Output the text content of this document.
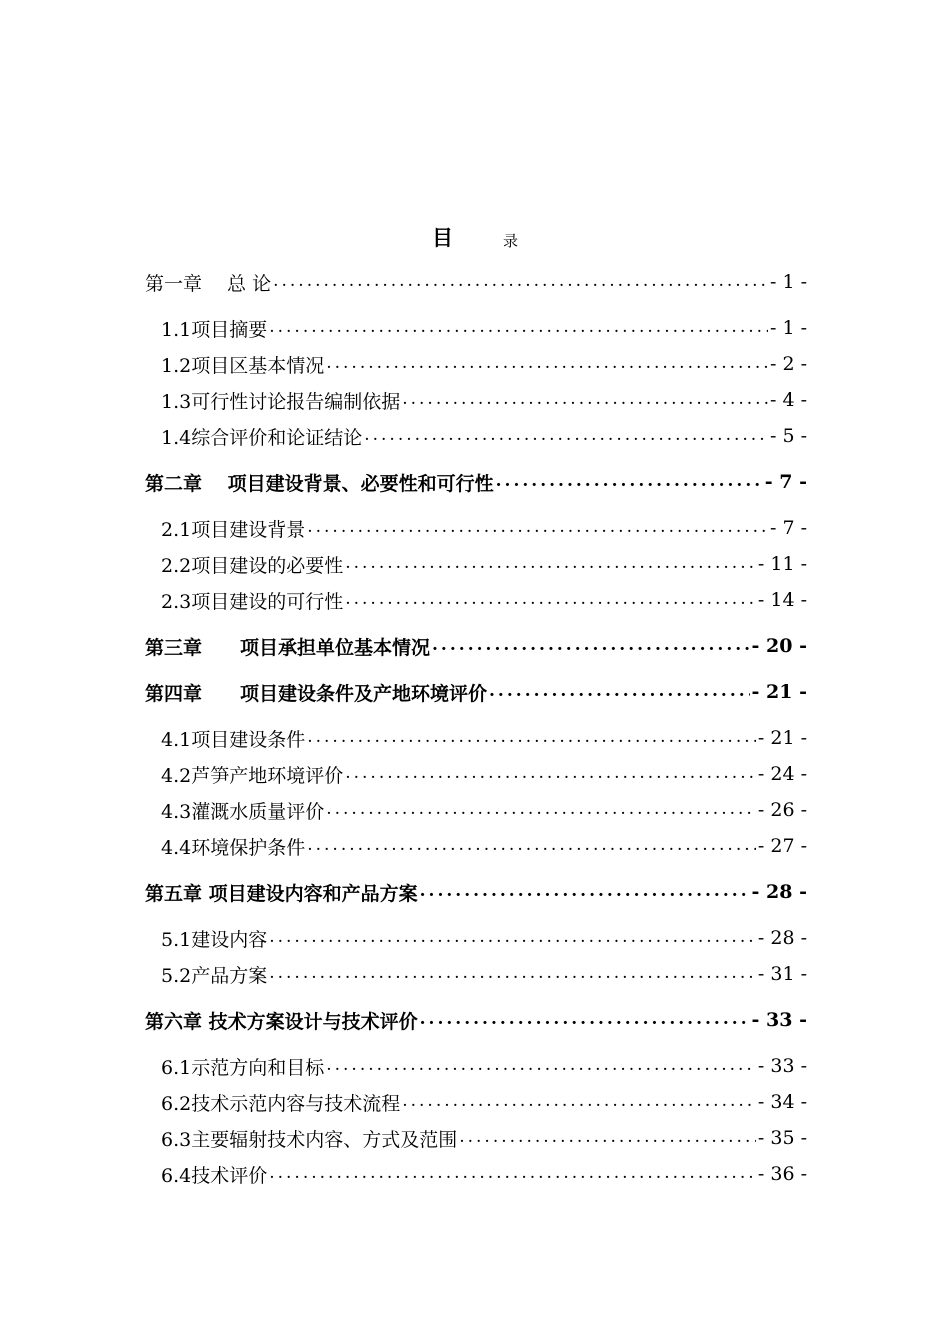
目	录
第一章　 总 论 .....	- 1 -
1.1项目摘要 .....	- 1 -
1.2项目区基本情况 .....	- 2 -
1.3可行性讨论报告编制依据 .....	- 4 -
1.4综合评价和论证结论 .....	- 5 -
第二章　 项目建设背景、必要性和可行性 .....	- 7 -
2.1项目建设背景 .....	- 7 -
2.2项目建设的必要性 .....	- 11 -
2.3项目建设的可行性 .....	- 14 -
第三章　　项目承担单位基本情况 .....	- 20 -
第四章　　项目建设条件及产地环境评价 .....	- 21 -
4.1项目建设条件 .....	- 21 -
4.2芦笋产地环境评价 .....	- 24 -
4.3灌溉水质量评价 .....	- 26 -
4.4环境保护条件 .....	- 27 -
第五章 项目建设内容和产品方案 .....	- 28 -
5.1建设内容 .....	- 28 -
5.2产品方案 .....	- 31 -
第六章 技术方案设计与技术评价 .....	- 33 -
6.1示范方向和目标 .....	- 33 -
6.2技术示范内容与技术流程 .....	- 34 -
6.3主要辐射技术内容、方式及范围 .....	- 35 -
6.4技术评价 .....	- 36 -
